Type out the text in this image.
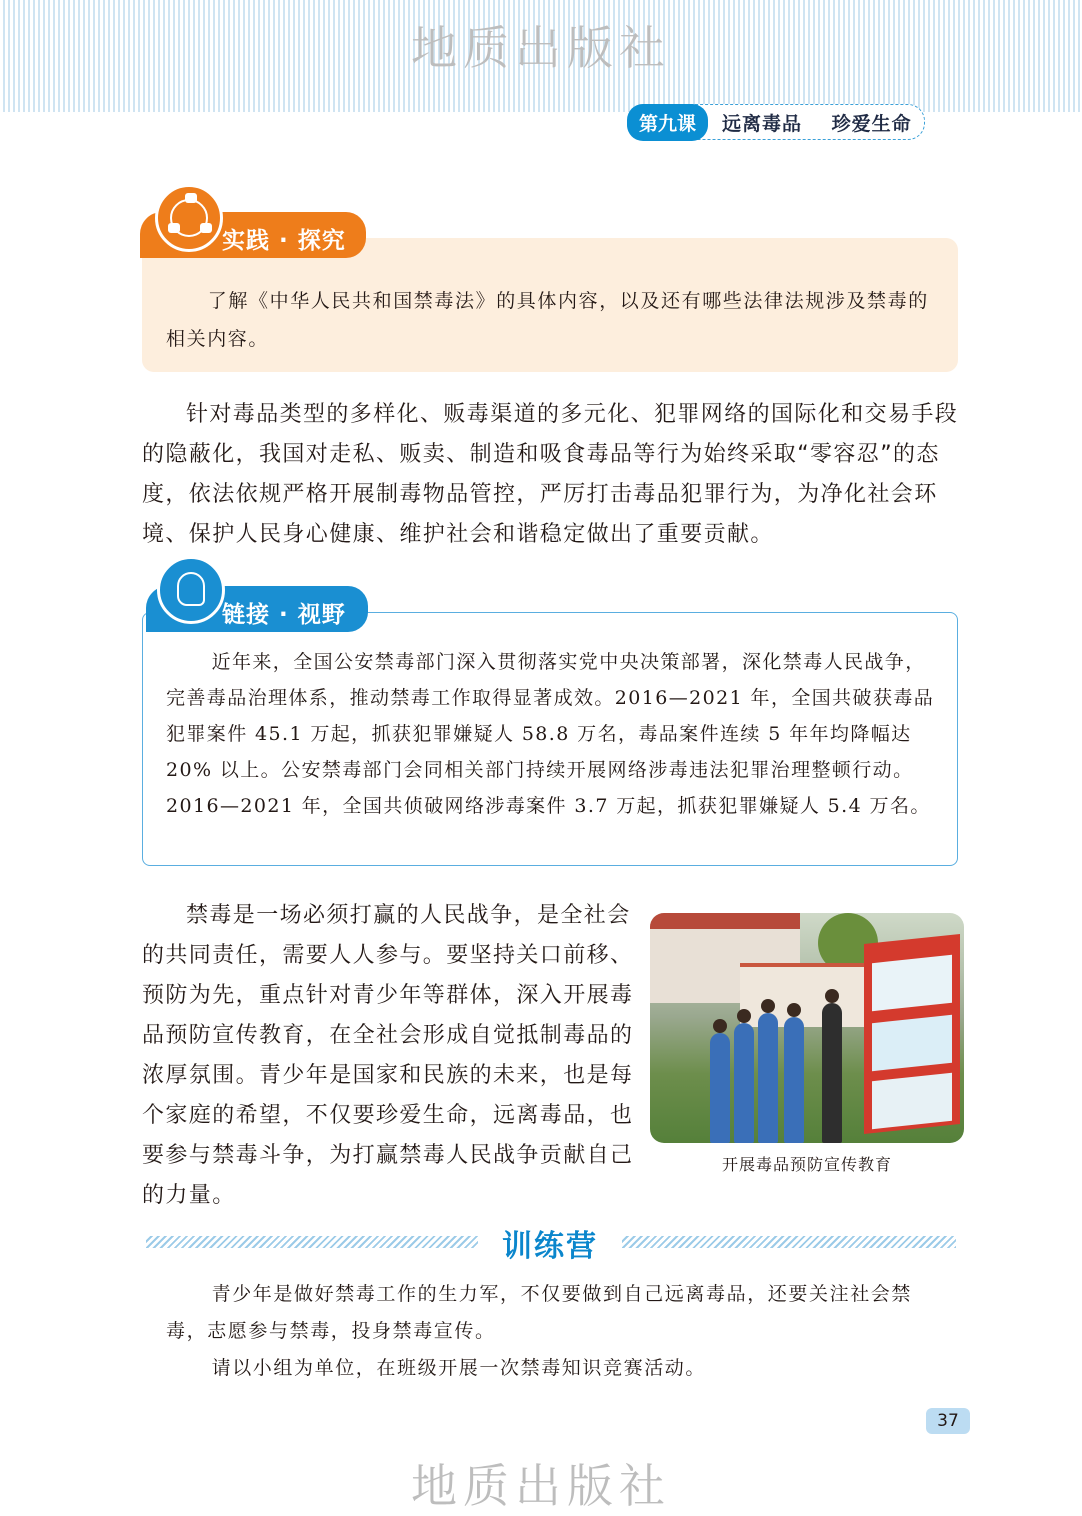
地质出版社
第九课	远离毒品 珍爱生命
实践 · 探究
了解《中华人民共和国禁毒法》的具体内容，以及还有哪些法律法规涉及禁毒的相关内容。
针对毒品类型的多样化、贩毒渠道的多元化、犯罪网络的国际化和交易手段的隐蔽化，我国对走私、贩卖、制造和吸食毒品等行为始终采取“零容忍”的态度，依法依规严格开展制毒物品管控，严厉打击毒品犯罪行为，为净化社会环境、保护人民身心健康、维护社会和谐稳定做出了重要贡献。
链接 · 视野
近年来，全国公安禁毒部门深入贯彻落实党中央决策部署，深化禁毒人民战争，完善毒品治理体系，推动禁毒工作取得显著成效。2016—2021 年，全国共破获毒品犯罪案件 45.1 万起，抓获犯罪嫌疑人 58.8 万名，毒品案件连续 5 年年均降幅达 20% 以上。公安禁毒部门会同相关部门持续开展网络涉毒违法犯罪治理整顿行动。2016—2021 年，全国共侦破网络涉毒案件 3.7 万起，抓获犯罪嫌疑人 5.4 万名。
禁毒是一场必须打赢的人民战争，是全社会的共同责任，需要人人参与。要坚持关口前移、预防为先，重点针对青少年等群体，深入开展毒品预防宣传教育，在全社会形成自觉抵制毒品的浓厚氛围。青少年是国家和民族的未来，也是每个家庭的希望，不仅要珍爱生命，远离毒品，也要参与禁毒斗争，为打赢禁毒人民战争贡献自己的力量。
开展毒品预防宣传教育
训练营
青少年是做好禁毒工作的生力军，不仅要做到自己远离毒品，还要关注社会禁毒，志愿参与禁毒，投身禁毒宣传。
请以小组为单位，在班级开展一次禁毒知识竞赛活动。
37
地质出版社
